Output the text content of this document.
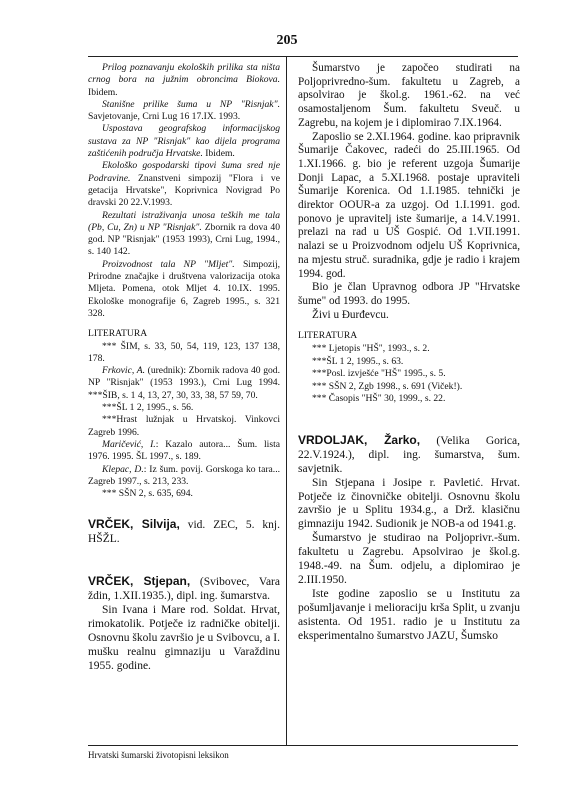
205

Prilog poznavanju ekoloških prilika sta ništa crnog bora na južnim obroncima Biokova. Ibidem.

Stanišne prilike šuma u NP "Risnjak". Savjetovanje, Crni Lug 16 17.IX. 1993.

Uspostava geografskog informacijskog sustava za NP "Risnjak" kao dijela programa zaštićenih područja Hrvatske. Ibidem.

Ekološko gospodarski tipovi šuma sred nje Podravine. Znanstveni simpozij "Flora i ve getacija Hrvatske", Koprivnica Novigrad Po dravski 20 22.V.1993.

Rezultati istraživanja unosa teških me tala (Pb, Cu, Zn) u NP "Risnjak". Zbornik ra dova 40 god. NP "Risnjak" (1953 1993), Crni Lug, 1994., s. 140 142.

Proizvodnost tala NP "Mljet". Simpozij, Prirodne značajke i društvena valorizacija otoka Mljeta. Pomena, otok Mljet 4. 10.IX. 1995. Ekološke monografije 6, Zagreb 1995., s. 321 328.

LITERATURA

*** ŠIM, s. 33, 50, 54, 119, 123, 137 138, 178.

Frkovic, A. (urednik): Zbornik radova 40 god. NP "Risnjak" (1953 1993.), Crni Lug 1994. ***ŠIB, s. 1 4, 13, 27, 30, 33, 38, 57 59, 70.

***ŠL 1 2, 1995., s. 56.

***Hrast lužnjak u Hrvatskoj. Vinkovci Zagreb 1996.

Maričević, I.: Kazalo autora... Šum. lista 1976. 1995. ŠL 1997., s. 189.

Klepac, D.: Iz šum. povij. Gorskoga ko tara... Zagreb 1997., s. 213, 233.

*** SŠN 2, s. 635, 694.

VRČEK, Silvija, vid. ZEC, 5. knj. HŠŽL.

VRČEK, Stjepan, (Svibovec, Vara ždin, 1.XII.1935.), dipl. ing. šumarstva.

Sin Ivana i Mare rod. Soldat. Hrvat, rimokatolik. Potječe iz radničke obitelji. Osnovnu školu završio je u Svibovcu, a I. mušku realnu gimnaziju u Varaždinu 1955. godine.

Šumarstvo je započeo studirati na Poljoprivredno-šum. fakultetu u Zagreb, a apsolvirao je škol.g. 1961.-62. na već osamostaljenom Šum. fakultetu Sveuč. u Zagrebu, na kojem je i diplomirao 7.IX.1964.

Zaposlio se 2.XI.1964. godine. kao pripravnik Šumarije Čakovec, radeći do 25.III.1965. Od 1.XI.1966. g. bio je referent uzgoja Šumarije Donji Lapac, a 5.XI.1968. postaje upraviteli Šumarije Korenica. Od 1.I.1985. tehnički je direktor OOUR-a za uzgoj. Od 1.I.1991. god. ponovo je upravitelj iste šumarije, a 14.V.1991. prelazi na rad u UŠ Gospić. Od 1.VII.1991. nalazi se u Proizvodnom odjelu UŠ Koprivnica, na mjestu struč. suradnika, gdje je radio i krajem 1994. god.

Bio je član Upravnog odbora JP "Hrvatske šume" od 1993. do 1995.

Živi u Đurđevcu.

LITERATURA

*** Ljetopis "HŠ", 1993., s. 2.

***ŠL 1 2, 1995., s. 63.

***Posl. izvješće "HŠ" 1995., s. 5.

*** SŠN 2, Zgb 1998., s. 691 (Viček!).

*** Časopis "HŠ" 30, 1999., s. 22.

VRDOLJAK, Žarko, (Velika Gorica, 22.V.1924.), dipl. ing. šumarstva, šum. savjetnik.

Sin Stjepana i Josipe r. Pavletić. Hrvat. Potječe iz činovničke obitelji. Osnovnu školu završio je u Splitu 1934.g., a Drž. klasičnu gimnaziju 1942. Sudionik je NOB-a od 1941.g.

Šumarstvo je studirao na Poljoprivr.-šum. fakultetu u Zagrebu. Apsolvirao je škol.g. 1948.-49. na Šum. odjelu, a diplomirao je 2.III.1950.

Iste godine zaposlio se u Institutu za pošumljavanje i melioraciju krša Split, u zvanju asistenta. Od 1951. radio je u Institutu za eksperimentalno šumarstvo JAZU, Šumsko

Hrvatski šumarski životopisni leksikon
